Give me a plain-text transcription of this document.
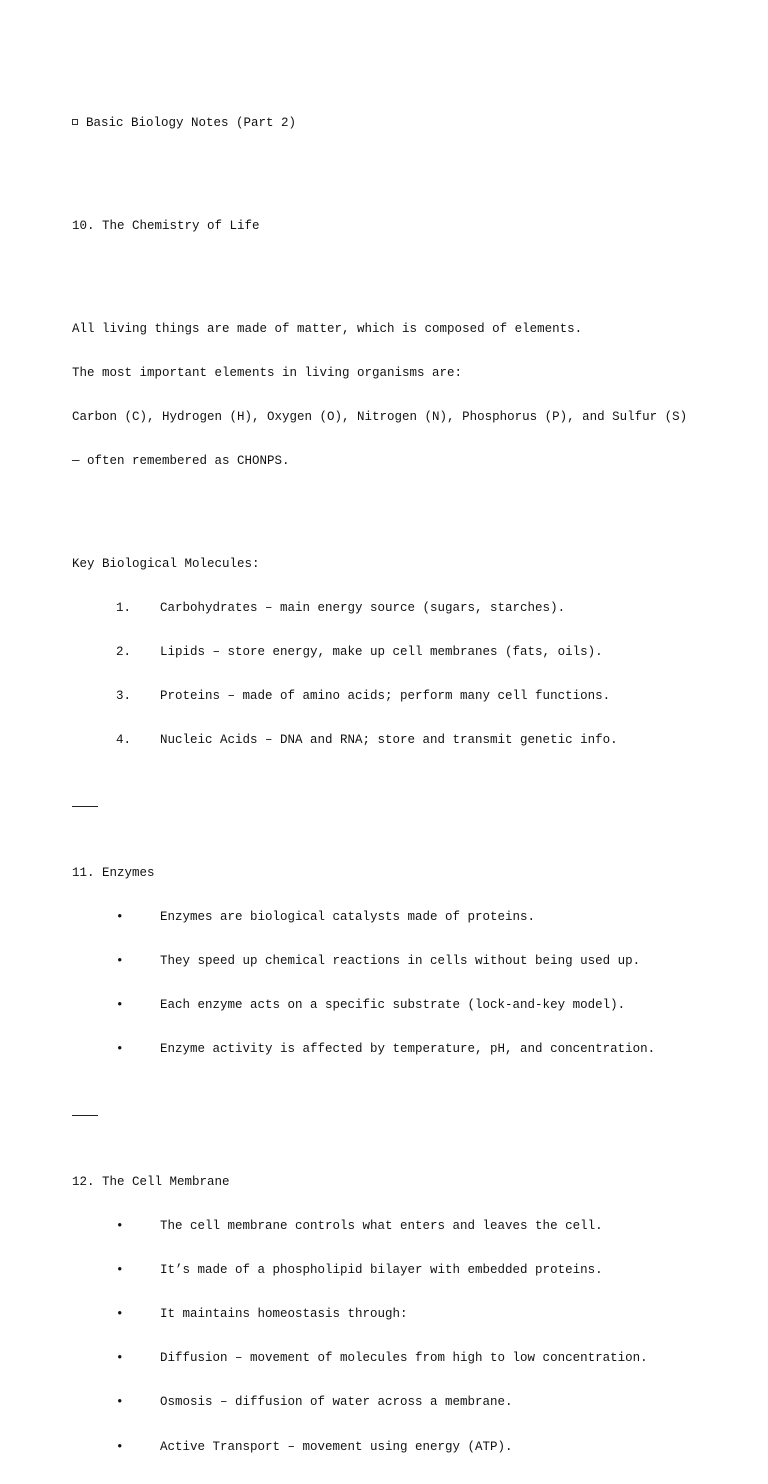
Basic Biology Notes (Part 2)

10. The Chemistry of Life

All living things are made of matter, which is composed of elements.

The most important elements in living organisms are:

Carbon (C), Hydrogen (H), Oxygen (O), Nitrogen (N), Phosphorus (P), and Sulfur (S)

— often remembered as CHONPS.

Key Biological Molecules:

1. Carbohydrates – main energy source (sugars, starches).

2. Lipids – store energy, make up cell membranes (fats, oils).

3. Proteins – made of amino acids; perform many cell functions.

4. Nucleic Acids – DNA and RNA; store and transmit genetic info.

11. Enzymes

•	Enzymes are biological catalysts made of proteins.

•	They speed up chemical reactions in cells without being used up.

•	Each enzyme acts on a specific substrate (lock-and-key model).

•	Enzyme activity is affected by temperature, pH, and concentration.

12. The Cell Membrane

•	The cell membrane controls what enters and leaves the cell.

•	It’s made of a phospholipid bilayer with embedded proteins.

•	It maintains homeostasis through:

•	Diffusion – movement of molecules from high to low concentration.

•	Osmosis – diffusion of water across a membrane.

•	Active Transport – movement using energy (ATP).
